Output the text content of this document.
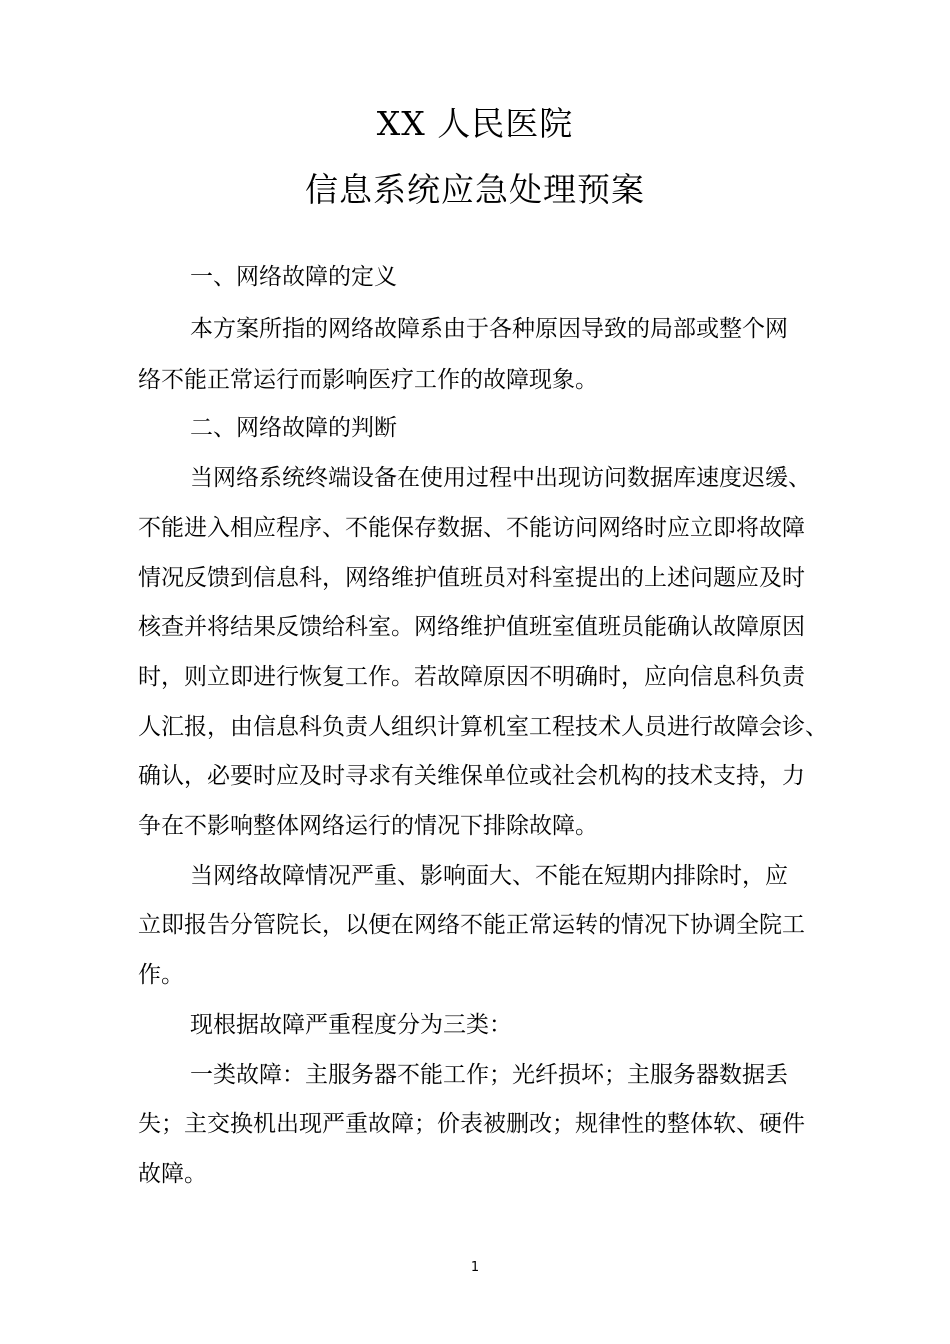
XX 人民医院
信息系统应急处理预案
一、网络故障的定义
本方案所指的网络故障系由于各种原因导致的局部或整个网
络不能正常运行而影响医疗工作的故障现象。
二、网络故障的判断
当网络系统终端设备在使用过程中出现访问数据库速度迟缓、
不能进入相应程序、不能保存数据、不能访问网络时应立即将故障
情况反馈到信息科，网络维护值班员对科室提出的上述问题应及时
核查并将结果反馈给科室。网络维护值班室值班员能确认故障原因
时，则立即进行恢复工作。若故障原因不明确时，应向信息科负责
人汇报，由信息科负责人组织计算机室工程技术人员进行故障会诊、
确认，必要时应及时寻求有关维保单位或社会机构的技术支持，力
争在不影响整体网络运行的情况下排除故障。
当网络故障情况严重、影响面大、不能在短期内排除时，应
立即报告分管院长，以便在网络不能正常运转的情况下协调全院工
作。
现根据故障严重程度分为三类：
一类故障：主服务器不能工作；光纤损坏；主服务器数据丢
失；主交换机出现严重故障；价表被删改；规律性的整体软、硬件
故障。
1
